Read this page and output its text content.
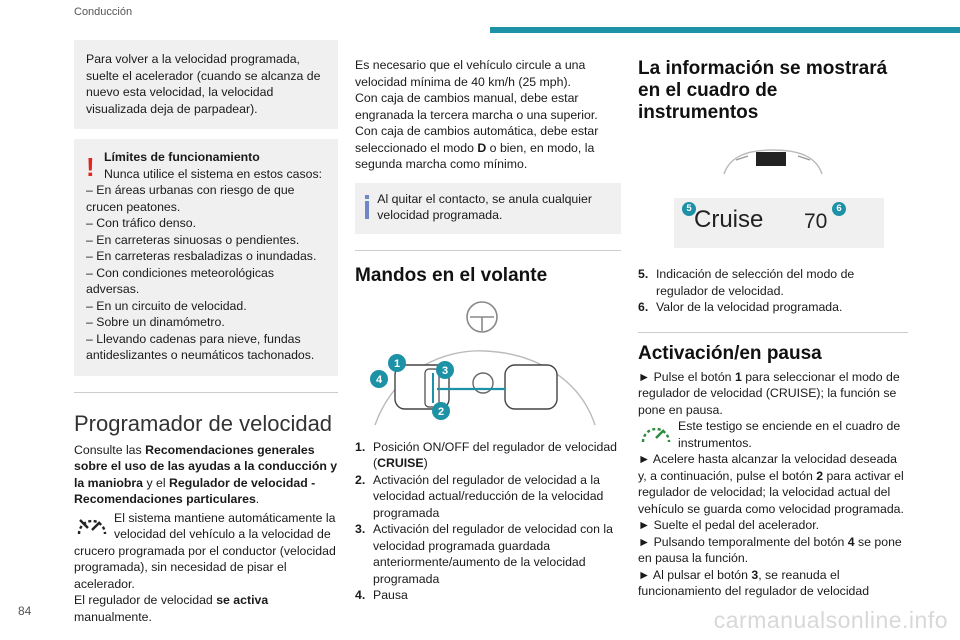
Conducción
Para volver a la velocidad programada, suelte el acelerador (cuando se alcanza de nuevo esta velocidad, la velocidad visualizada deja de parpadear).
! Límites de funcionamiento
Nunca utilice el sistema en estos casos:
– En áreas urbanas con riesgo de que crucen peatones.
– Con tráfico denso.
– En carreteras sinuosas o pendientes.
– En carreteras resbaladizas o inundadas.
– Con condiciones meteorológicas adversas.
– En un circuito de velocidad.
– Sobre un dinamómetro.
– Llevando cadenas para nieve, fundas antideslizantes o neumáticos tachonados.
Programador de velocidad
Consulte las Recomendaciones generales sobre el uso de las ayudas a la conducción y la maniobra y el Regulador de velocidad - Recomendaciones particulares.
El sistema mantiene automáticamente la velocidad del vehículo a la velocidad de crucero programada por el conductor (velocidad programada), sin necesidad de pisar el acelerador.
El regulador de velocidad se activa manualmente.
Es necesario que el vehículo circule a una velocidad mínima de 40 km/h (25 mph).
Con caja de cambios manual, debe estar engranada la tercera marcha o una superior.
Con caja de cambios automática, debe estar seleccionado el modo D o bien, en modo, la segunda marcha como mínimo.
Al quitar el contacto, se anula cualquier velocidad programada.
Mandos en el volante
1
2
3
4
1. Posición ON/OFF del regulador de velocidad (CRUISE)
2. Activación del regulador de velocidad a la velocidad actual/reducción de la velocidad programada
3. Activación del regulador de velocidad con la velocidad programada guardada anteriormente/aumento de la velocidad programada
4. Pausa
La información se mostrará en el cuadro de instrumentos
5 Cruise 70
6
5. Indicación de selección del modo de regulador de velocidad.
6. Valor de la velocidad programada.
Activación/en pausa
► Pulse el botón 1 para seleccionar el modo de regulador de velocidad (CRUISE); la función se pone en pausa.
Este testigo se enciende en el cuadro de instrumentos.
► Acelere hasta alcanzar la velocidad deseada y, a continuación, pulse el botón 2 para activar el regulador de velocidad; la velocidad actual del vehículo se guarda como velocidad programada.
► Suelte el pedal del acelerador.
► Pulsando temporalmente del botón 4 se pone en pausa la función.
► Al pulsar el botón 3, se reanuda el funcionamiento del regulador de velocidad
84	carmanualsonline.info
